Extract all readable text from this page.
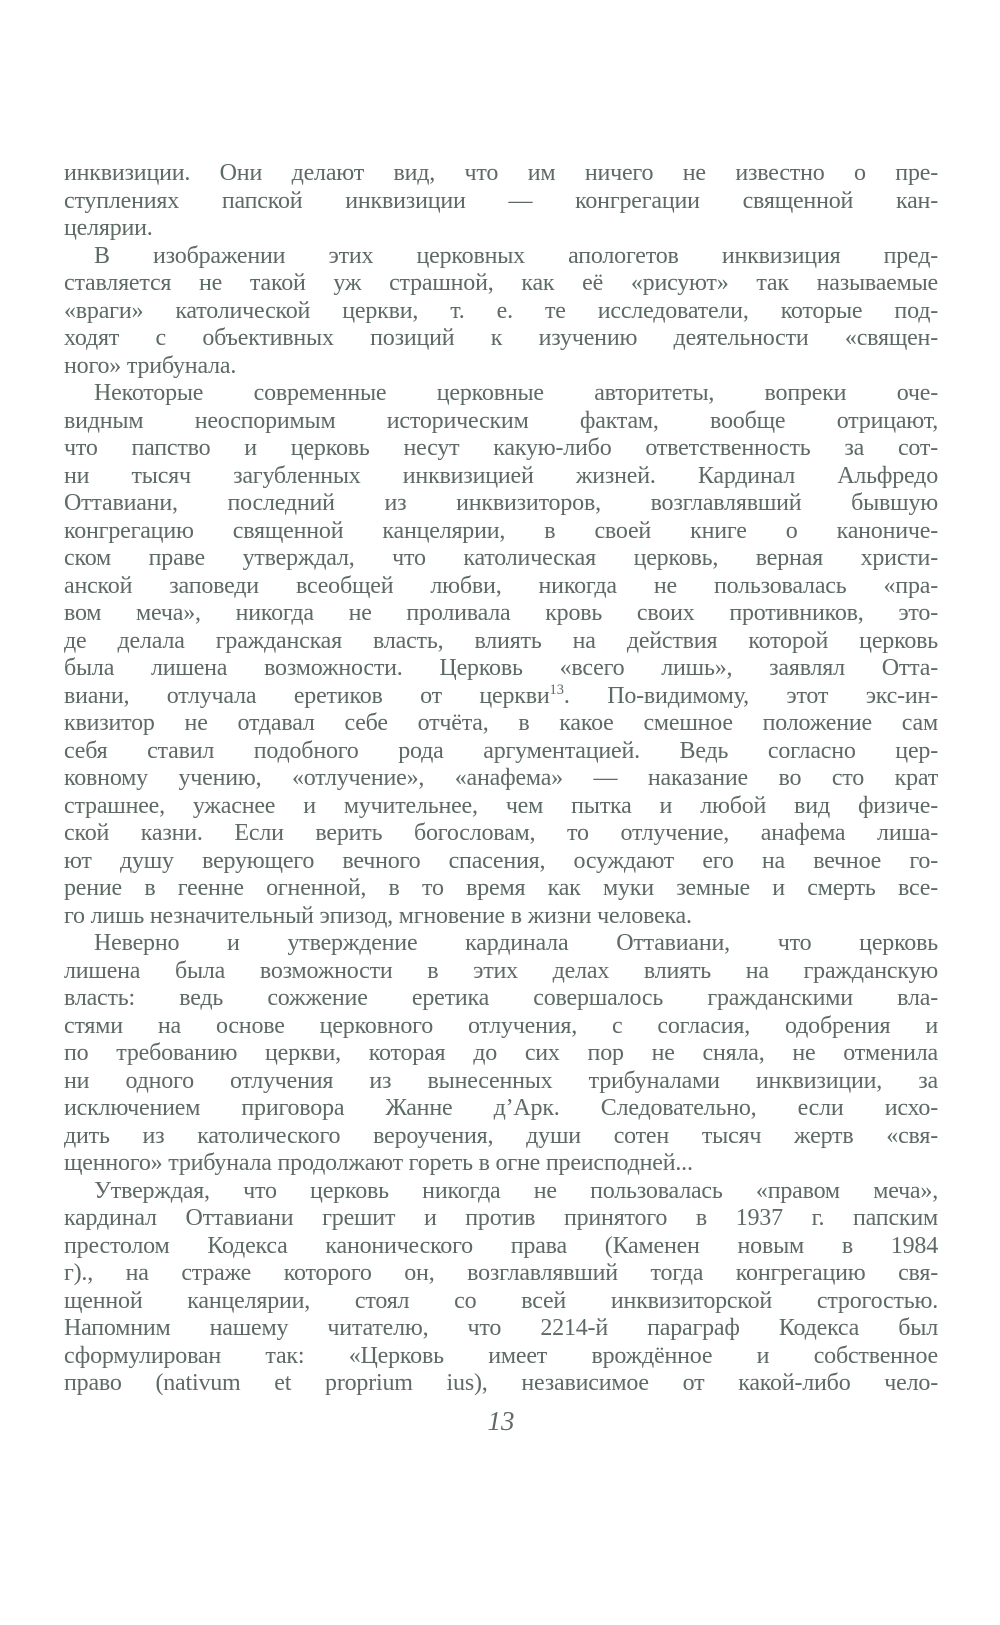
инквизиции. Они делают вид, что им ничего не известно о пре-
ступлениях папской инквизиции — конгрегации священной кан-
целярии.
В изображении этих церковных апологетов инквизиция пред-
ставляется не такой уж страшной, как её «рисуют» так называемые
«враги» католической церкви, т. е. те исследователи, которые под-
ходят с объективных позиций к изучению деятельности «священ-
ного» трибунала.
Некоторые современные церковные авторитеты, вопреки оче-
видным неоспоримым историческим фактам, вообще отрицают,
что папство и церковь несут какую-либо ответственность за сот-
ни тысяч загубленных инквизицией жизней. Кардинал Альфредо
Оттавиани, последний из инквизиторов, возглавлявший бывшую
конгрегацию священной канцелярии, в своей книге о канониче-
ском праве утверждал, что католическая церковь, верная христи-
анской заповеди всеобщей любви, никогда не пользовалась «пра-
вом меча», никогда не проливала кровь своих противников, это-
де делала гражданская власть, влиять на действия которой церковь
была лишена возможности. Церковь «всего лишь», заявлял Отта-
виани, отлучала еретиков от церкви$^{13}$. По-видимому, этот экс-ин-
квизитор не отдавал себе отчёта, в какое смешное положение сам
себя ставил подобного рода аргументацией. Ведь согласно цер-
ковному учению, «отлучение», «анафема» — наказание во сто крат
страшнее, ужаснее и мучительнее, чем пытка и любой вид физиче-
ской казни. Если верить богословам, то отлучение, анафема лиша-
ют душу верующего вечного спасения, осуждают его на вечное го-
рение в геенне огненной, в то время как муки земные и смерть все-
го лишь незначительный эпизод, мгновение в жизни человека.
Неверно и утверждение кардинала Оттавиани, что церковь
лишена была возможности в этих делах влиять на гражданскую
власть: ведь сожжение еретика совершалось гражданскими вла-
стями на основе церковного отлучения, с согласия, одобрения и
по требованию церкви, которая до сих пор не сняла, не отменила
ни одного отлучения из вынесенных трибуналами инквизиции, за
исключением приговора Жанне д’Арк. Следовательно, если исхо-
дить из католического вероучения, души сотен тысяч жертв «свя-
щенного» трибунала продолжают гореть в огне преисподней...
Утверждая, что церковь никогда не пользовалась «правом меча»,
кардинал Оттавиани грешит и против принятого в 1937 г. папским
престолом Кодекса канонического права (Каменен новым в 1984
г)., на страже которого он, возглавлявший тогда конгрегацию свя-
щенной канцелярии, стоял со всей инквизиторской строгостью.
Напомним нашему читателю, что 2214-й параграф Кодекса был
сформулирован так: «Церковь имеет врождённое и собственное
право (nativum et proprium ius), независимое от какой-либо чело-
13
